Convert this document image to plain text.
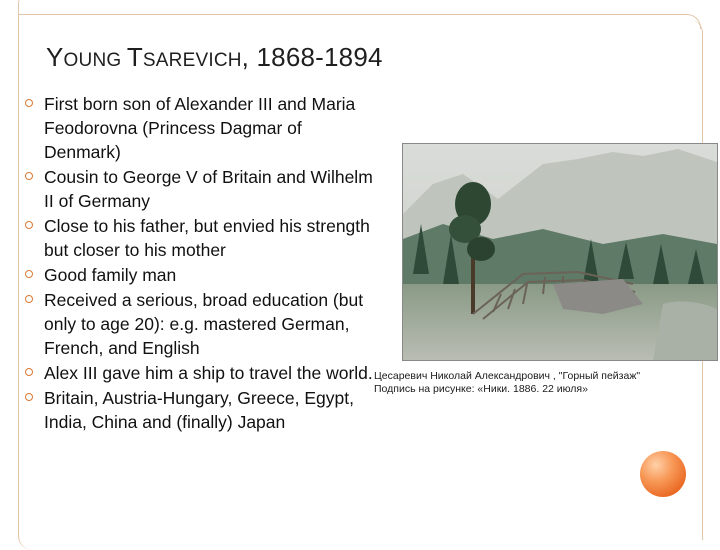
YOUNG TSAREVICH, 1868-1894
First born son of Alexander III and Maria Feodorovna (Princess Dagmar of Denmark)
Cousin to George V of Britain and Wilhelm II of Germany
Close to his father, but envied his strength but closer to his mother
Good family man
Received a serious, broad education (but only to age 20): e.g. mastered German, French, and English
Alex III gave him a ship to travel the world.
Britain, Austria-Hungary, Greece, Egypt, India, China and (finally) Japan
Цесаревич Николай Александрович , "Горный пейзаж"
Подпись на рисунке: «Ники. 1886. 22 июля»
